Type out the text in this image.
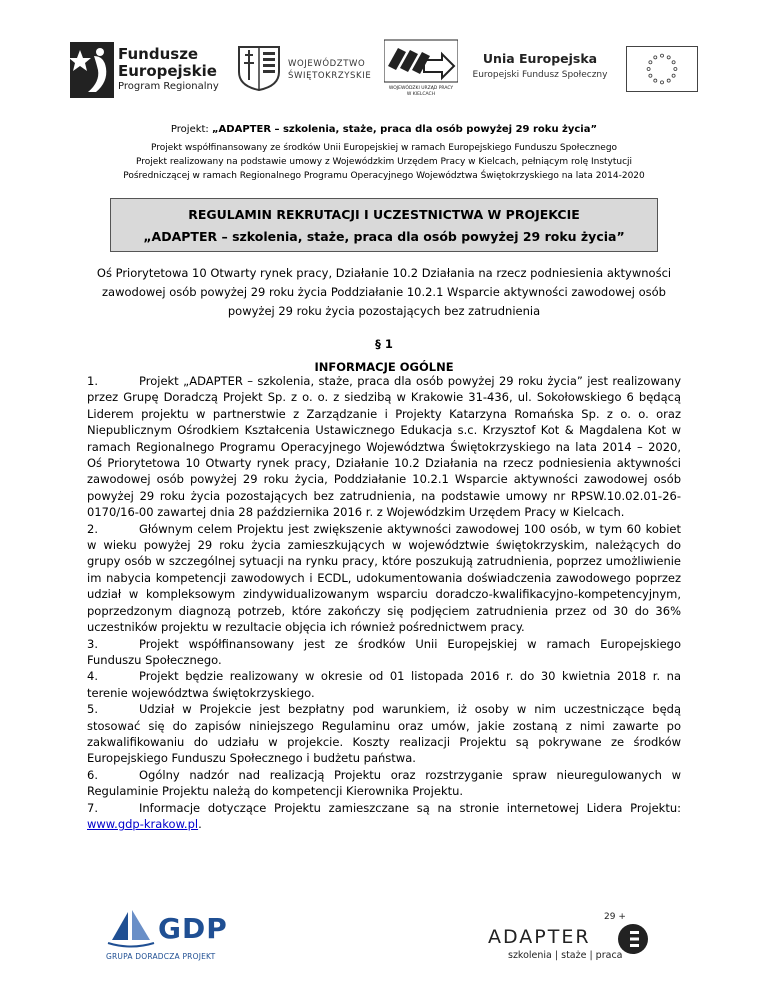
Fundusze
Europejskie
Program Regionalny
WOJEWÓDZTWO
ŚWIĘTOKRZYSKIE
WOJEWÓDZKI URZĄD PRACY
W KIELCACH
Unia Europejska
Europejski Fundusz Społeczny
Projekt: „ADAPTER – szkolenia, staże, praca dla osób powyżej 29 roku życia”
Projekt współfinansowany ze środków Unii Europejskiej w ramach Europejskiego Funduszu Społecznego
Projekt realizowany na podstawie umowy z Wojewódzkim Urzędem Pracy w Kielcach, pełniącym rolę Instytucji
Pośredniczącej w ramach Regionalnego Programu Operacyjnego Województwa Świętokrzyskiego na lata 2014-2020
REGULAMIN REKRUTACJI I UCZESTNICTWA W PROJEKCIE
„ADAPTER – szkolenia, staże, praca dla osób powyżej 29 roku życia”
Oś Priorytetowa 10 Otwarty rynek pracy, Działanie 10.2 Działania na rzecz podniesienia aktywności zawodowej osób powyżej 29 roku życia Poddziałanie 10.2.1 Wsparcie aktywności zawodowej osób powyżej 29 roku życia pozostających bez zatrudnienia
§ 1
INFORMACJE OGÓLNE

1.	Projekt „ADAPTER – szkolenia, staże, praca dla osób powyżej 29 roku życia” jest realizowany przez Grupę Doradczą Projekt Sp. z o. o. z siedzibą w Krakowie 31-436, ul. Sokołowskiego 6 będącą Liderem projektu w partnerstwie z Zarządzanie i Projekty Katarzyna Romańska Sp. z o. o. oraz Niepublicznym Ośrodkiem Kształcenia Ustawicznego Edukacja s.c. Krzysztof Kot & Magdalena Kot w ramach Regionalnego Programu Operacyjnego Województwa Świętokrzyskiego na lata 2014 – 2020, Oś Priorytetowa 10 Otwarty rynek pracy, Działanie 10.2 Działania na rzecz podniesienia aktywności zawodowej osób powyżej 29 roku życia, Poddziałanie 10.2.1 Wsparcie aktywności zawodowej osób powyżej 29 roku życia pozostających bez zatrudnienia, na podstawie umowy nr RPSW.10.02.01-26-0170/16-00 zawartej dnia 28 października 2016 r. z Wojewódzkim Urzędem Pracy w Kielcach.

2.	Głównym celem Projektu jest zwiększenie aktywności zawodowej 100 osób, w tym 60 kobiet w wieku powyżej 29 roku życia zamieszkujących w województwie świętokrzyskim, należących do grupy osób w szczególnej sytuacji na rynku pracy, które poszukują zatrudnienia, poprzez umożliwienie im nabycia kompetencji zawodowych i ECDL, udokumentowania doświadczenia zawodowego poprzez udział w kompleksowym zindywidualizowanym wsparciu doradczo-kwalifikacyjno-kompetencyjnym, poprzedzonym diagnozą potrzeb, które zakończy się podjęciem zatrudnienia przez od 30 do 36% uczestników projektu w rezultacie objęcia ich również pośrednictwem pracy.

3.	Projekt współfinansowany jest ze środków Unii Europejskiej w ramach Europejskiego Funduszu Społecznego.

4.	Projekt będzie realizowany w okresie od 01 listopada 2016 r. do 30 kwietnia 2018 r. na terenie województwa świętokrzyskiego.

5.	Udział w Projekcie jest bezpłatny pod warunkiem, iż osoby w nim uczestniczące będą stosować się do zapisów niniejszego Regulaminu oraz umów, jakie zostaną z nimi zawarte po zakwalifikowaniu do udziału w projekcie. Koszty realizacji Projektu są pokrywane ze środków Europejskiego Funduszu Społecznego i budżetu państwa.

6.	Ogólny nadzór nad realizacją Projektu oraz rozstrzyganie spraw nieuregulowanych w Regulaminie Projektu należą do kompetencji Kierownika Projektu.

7.	Informacje dotyczące Projektu zamieszczane są na stronie internetowej Lidera Projektu: www.gdp-krakow.pl.

GDP
GRUPA DORADCZA PROJEKT
29 +
ADAPTER
szkolenia | staże | praca
